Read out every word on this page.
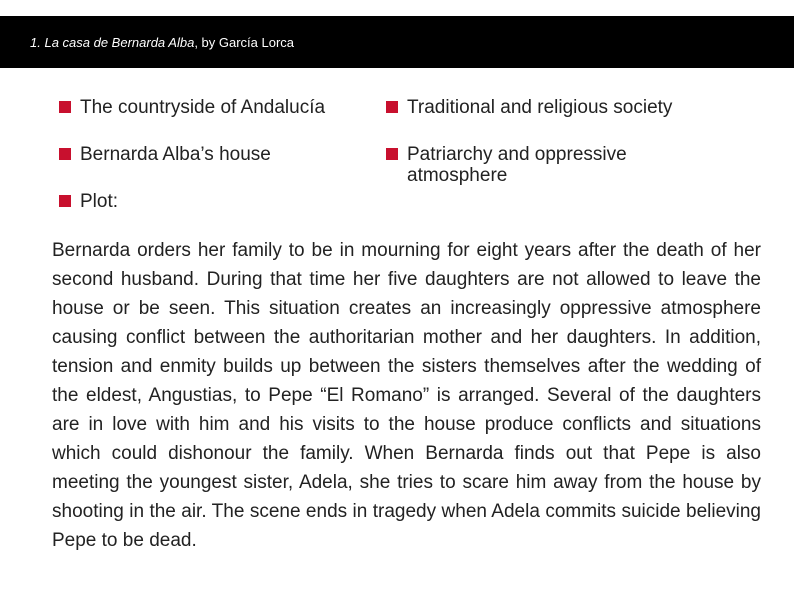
1. La casa de Bernarda Alba, by García Lorca
The countryside of Andalucía
Bernarda Alba’s house
Plot:
Traditional and religious society
Patriarchy and oppressive atmosphere

Bernarda orders her family to be in mourning for eight years after the death of her second husband. During that time her five daughters are not allowed to leave the house or be seen. This situation creates an increasingly oppressive atmosphere causing conflict between the authoritarian mother and her daughters. In addition, tension and enmity builds up between the sisters themselves after the wedding of the eldest, Angustias, to Pepe “El Romano” is arranged. Several of the daughters are in love with him and his visits to the house produce conflicts and situations which could dishonour the family. When Bernarda finds out that Pepe is also meeting the youngest sister, Adela, she tries to scare him away from the house by shooting in the air. The scene ends in tragedy when Adela commits suicide believing Pepe to be dead.
